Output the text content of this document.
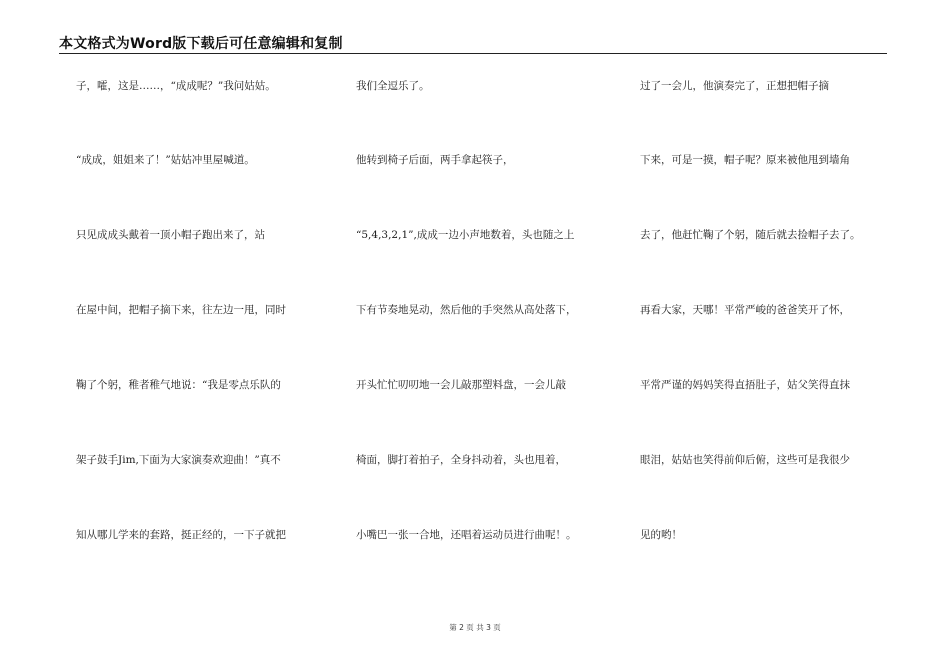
本文格式为Word版下载后可任意编辑和复制
子，嚯，这是……，“成成呢？”我问姑姑。
“成成，姐姐来了！”姑姑冲里屋喊道。
只见成成头戴着一顶小帽子跑出来了，站
在屋中间，把帽子摘下来，往左边一甩，同时
鞠了个躬，稚者稚气地说：“我是零点乐队的
架子鼓手Jim,下面为大家演奏欢迎曲！”真不
知从哪儿学来的套路，挺正经的，一下子就把
我们全逗乐了。
他转到椅子后面，两手拿起筷子，
“5,4,3,2,1”,成成一边小声地数着，头也随之上
下有节奏地晃动，然后他的手突然从高处落下，
开头忙忙叨叨地一会儿敲那塑料盘，一会儿敲
椅面，脚打着拍子，全身抖动着，头也甩着，
小嘴巴一张一合地，还唱着运动员进行曲呢！。
过了一会儿，他演奏完了，正想把帽子摘
下来，可是一摸，帽子呢？原来被他甩到墙角
去了，他赶忙鞠了个躬，随后就去捡帽子去了。
再看大家，天哪！平常严峻的爸爸笑开了怀，
平常严谨的妈妈笑得直捂肚子，姑父笑得直抹
眼泪，姑姑也笑得前仰后俯，这些可是我很少
见的哟！
第 2 页 共 3 页
